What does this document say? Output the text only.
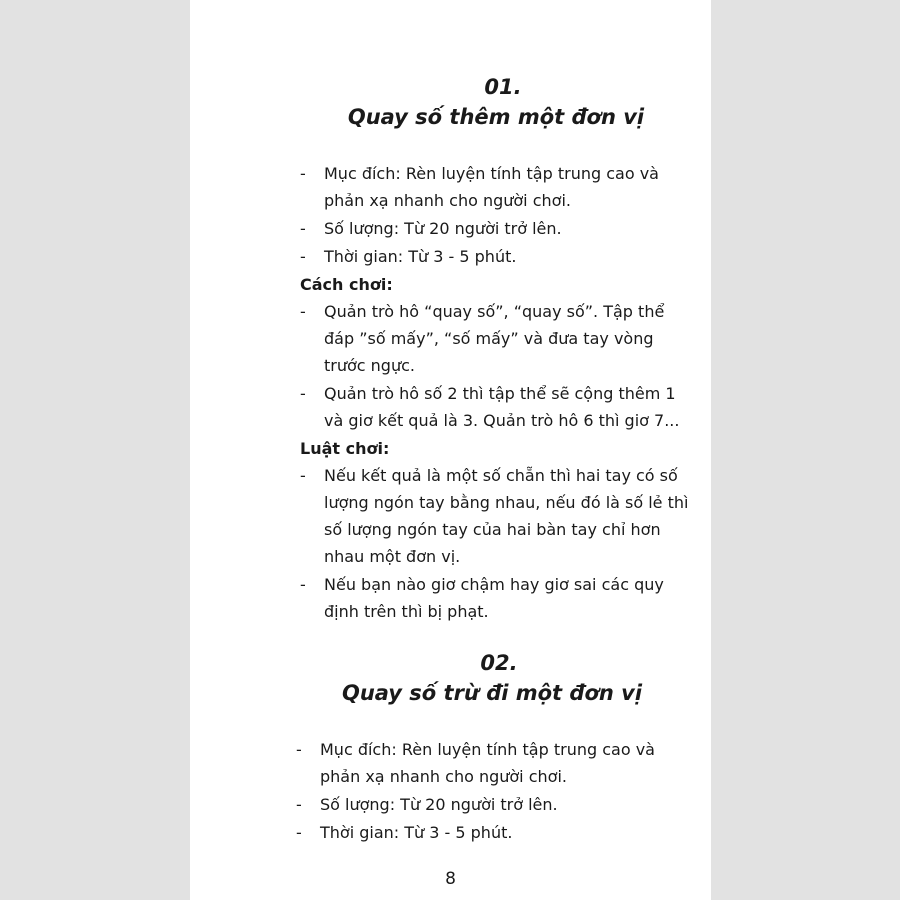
01.
Quay số thêm một đơn vị
- Mục đích: Rèn luyện tính tập trung cao và phản xạ nhanh cho người chơi.
- Số lượng: Từ 20 người trở lên.
- Thời gian: Từ 3 - 5 phút.

Cách chơi:

- Quản trò hô “quay số”, “quay số”. Tập thể đáp ”số mấy”, “số mấy” và đưa tay vòng trước ngực.
- Quản trò hô số 2 thì tập thể sẽ cộng thêm 1 và giơ kết quả là 3. Quản trò hô 6 thì giơ 7...

Luật chơi:

- Nếu kết quả là một số chẵn thì hai tay có số lượng ngón tay bằng nhau, nếu đó là số lẻ thì số lượng ngón tay của hai bàn tay chỉ hơn nhau một đơn vị.
- Nếu bạn nào giơ chậm hay giơ sai các quy định trên thì bị phạt.
02.
Quay số trừ đi một đơn vị
- Mục đích: Rèn luyện tính tập trung cao và phản xạ nhanh cho người chơi.
- Số lượng: Từ 20 người trở lên.
- Thời gian: Từ 3 - 5 phút.
8
